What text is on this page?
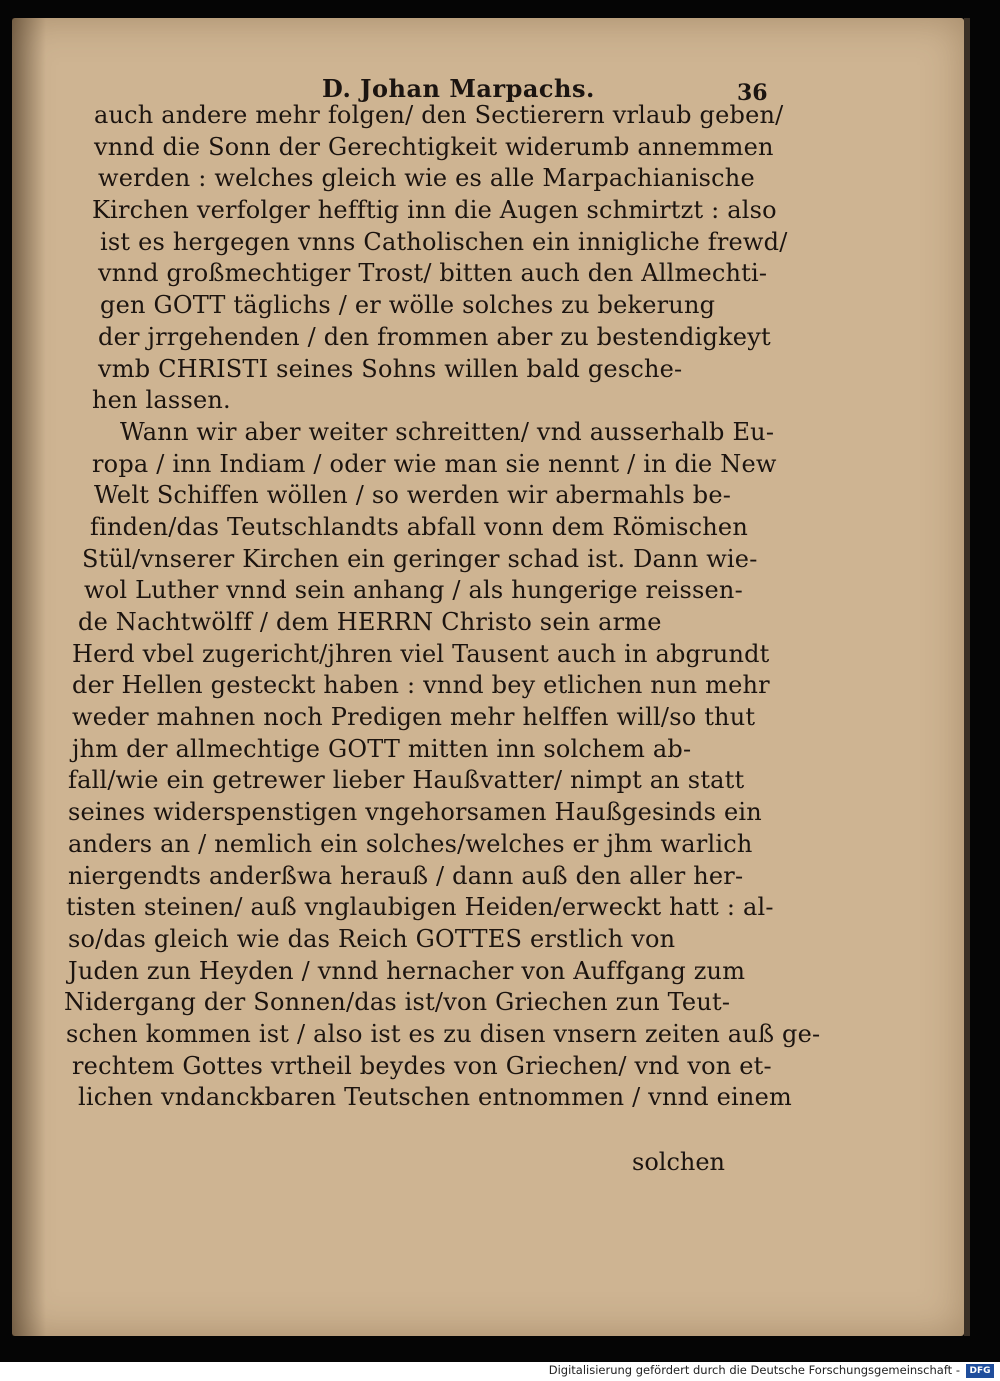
D. Johan Marpachs.	36
auch andere mehr folgen/ den Sectierern vrlaub geben/
vnnd die Sonn der Gerechtigkeit widerumb annemmen
werden : welches gleich wie es alle Marpachianische
Kirchen verfolger hefftig inn die Augen schmirtzt : also
ist es hergegen vnns Catholischen ein innigliche frewd/
vnnd großmechtiger Trost/ bitten auch den Allmechti-
gen GOTT täglichs / er wölle solches zu bekerung
der jrrgehenden / den frommen aber zu bestendigkeyt
vmb CHRISTI seines Sohns willen bald gesche-
hen lassen.
Wann wir aber weiter schreitten/ vnd ausserhalb Eu-
ropa / inn Indiam / oder wie man sie nennt / in die New
Welt Schiffen wöllen / so werden wir abermahls be-
finden/das Teutschlandts abfall vonn dem Römischen
Stül/vnserer Kirchen ein geringer schad ist. Dann wie-
wol Luther vnnd sein anhang / als hungerige reissen-
de Nachtwölff / dem HERRN Christo sein arme
Herd vbel zugericht/jhren viel Tausent auch in abgrundt
der Hellen gesteckt haben : vnnd bey etlichen nun mehr
weder mahnen noch Predigen mehr helffen will/so thut
jhm der allmechtige GOTT mitten inn solchem ab-
fall/wie ein getrewer lieber Haußvatter/ nimpt an statt
seines widerspenstigen vngehorsamen Haußgesinds ein
anders an / nemlich ein solches/welches er jhm warlich
niergendts anderßwa herauß / dann auß den aller her-
tisten steinen/ auß vnglaubigen Heiden/erweckt hatt : al-
so/das gleich wie das Reich GOTTES erstlich von
Juden zun Heyden / vnnd hernacher von Auffgang zum
Nidergang der Sonnen/das ist/von Griechen zun Teut-
schen kommen ist / also ist es zu disen vnsern zeiten auß ge-
rechtem Gottes vrtheil beydes von Griechen/ vnd von et-
lichen vndanckbaren Teutschen entnommen / vnnd einem
solchen
Digitalisierung gefördert durch die Deutsche Forschungsgemeinschaft -	DFG
